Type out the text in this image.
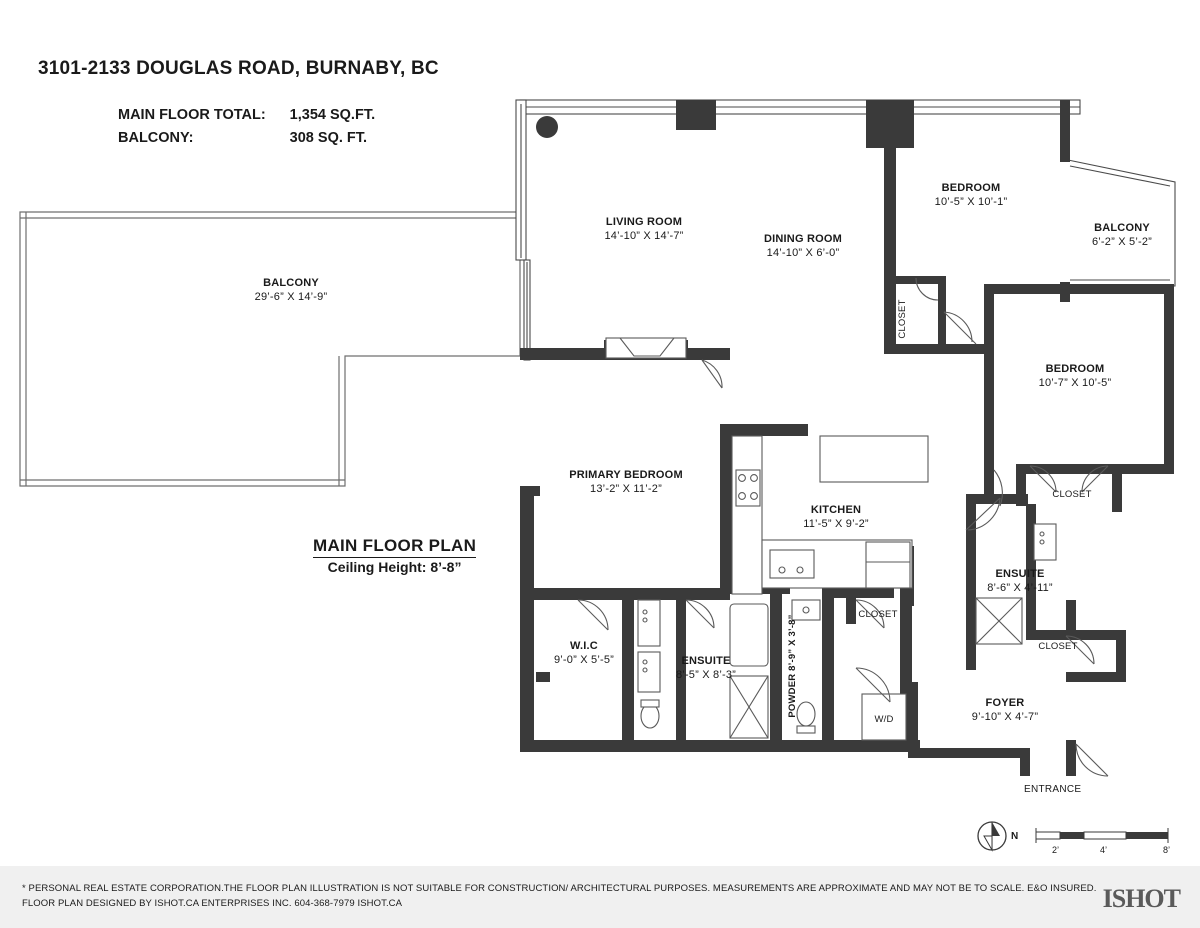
3101-2133 DOUGLAS ROAD, BURNABY, BC
MAIN FLOOR TOTAL:	1,354 SQ.FT.
BALCONY:	308 SQ. FT.
LIVING ROOM
14’-10” X 14’-7”	DINING ROOM
14’-10” X 6’-0”
BALCONY
29’-6” X 14’-9”
BEDROOM
10’-5” X 10’-1”
BALCONY
6’-2” X 5’-2”
BEDROOM
10’-7” X 10’-5”
PRIMARY BEDROOM
13’-2” X 11’-2”
KITCHEN
11’-5” X 9’-2”
ENSUITE
8’-6” X 4’-11”
W.I.C
9’-0” X 5’-5”	ENSUITE
8’-5” X 8’-3”
FOYER
9’-10” X 4’-7”
CLOSET
CLOSET
CLOSET
CLOSET
W/D
POWDER 8’-9” X 3’-8”
MAIN FLOOR PLAN
Ceiling Height: 8’-8”
ENTRANCE
N
2’	4’	8’
* PERSONAL REAL ESTATE CORPORATION.THE FLOOR PLAN ILLUSTRATION IS NOT SUITABLE FOR CONSTRUCTION/ ARCHITECTURAL PURPOSES. MEASUREMENTS ARE APPROXIMATE AND MAY NOT BE TO SCALE. E&O INSURED.
FLOOR PLAN DESIGNED BY ISHOT.CA ENTERPRISES INC. 604-368-7979 ISHOT.CA	ISHOT
